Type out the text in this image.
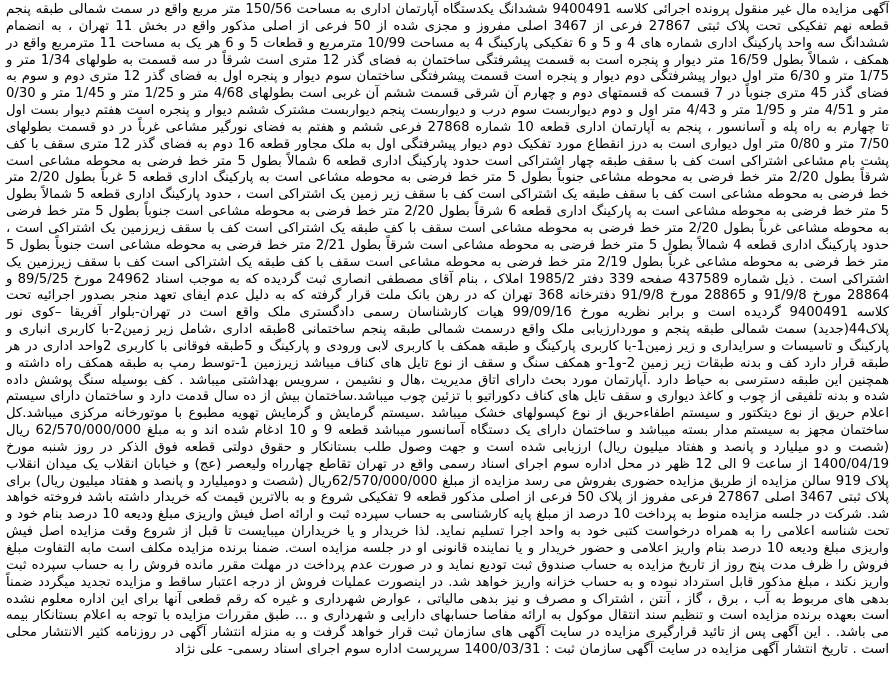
آگهی مزایده مال غیر منقول پرونده اجرائی کلاسه 9400491 ششدانگ یکدستگاه آپارتمان اداری به مساحت 150/56 متر مربع واقع در سمت شمالی طبقه پنجم قطعه نهم تفکیکی تحت پلاک ثبتی 27867 فرعی از 3467 اصلی مفروز و مجزی شده از 50 فرعی از اصلی مذکور واقع در بخش 11 تهران ، به انضمام ششدانگ سه واحد پارکینگ اداری شماره های 4 و 5 و 6 تفکیکی پارکینگ 4 به مساحت 10/99 مترمربع و قطعات 5 و 6 هر یک به مساحت 11 مترمربع واقع در همکف ، شمالاً بطول 16/59 متر دیوار و پنجره است به قسمت پیشرفتگی ساختمان به فضای گذر 12 متری است شرقاً در سه قسمت به طولهای 1/34 متر و 1/75 متر و 6/30 متر اول دیوار پیشرفتگی دوم دیوار و پنجره است قسمت پیشرفتگی ساختمان سوم دیوار و پنجره اول به فضای گذر 12 متری دوم و سوم به فضای گذر 45 متری جنوباً در 7 قسمت که قسمتهای دوم و چهارم آن شرقی قسمت ششم آن غربی است بطولهای 4/68 متر و 1/25 متر و 1/45 متر و 0/30 متر و 4/51 متر و 1/95 متر و 4/43 متر اول و دوم دیواربست سوم درب و دیواربست پنجم دیواربست مشترک ششم دیوار و پنجره است هفتم دیوار بست اول تا چهارم به راه پله و آسانسور ، پنجم به آپارتمان اداری قطعه 10 شماره 27868 فرعی ششم و هفتم به فضای نورگیر مشاعی غرباً در دو قسمت بطولهای 7/50 متر و 0/80 متر اول دیواری است به درز انقطاع مورد تفکیک دوم دیوار پیشرفتگی اول به ملک مجاور قطعه 16 دوم به فضای گذر 12 متری سقف با کف پشت بام مشاعی اشتراکی است کف با سقف طبقه چهار اشتراکی است حدود پارکینگ اداری قطعه 6 شمالاً بطول 5 متر خط فرضی به محوطه مشاعی است شرقاً بطول 2/20 متر خط فرضی به محوطه مشاعی جنوباً بطول 5 متر خط فرضی به محوطه مشاعی است به پارکینگ اداری قطعه 5 غرباً بطول 2/20 متر خط فرضی به محوطه مشاعی است کف با سقف طبقه یک اشتراکی است کف با سقف زیر زمین یک اشتراکی است ، حدود پارکینگ اداری قطعه 5 شمالاً بطول 5 متر خط فرضی به محوطه مشاعی است به پارکینگ اداری قطعه 6 شرقاً بطول 2/20 متر خط فرضی به محوطه مشاعی است جنوباً بطول 5 متر خط فرضی به محوطه مشاعی غرباً بطول 2/20 متر خط فرضی به محوطه مشاعی است سقف با کف طبقه یک اشتراکی است کف با سقف زیرزمین یک اشتراکی است ، حدود پارکینگ اداری قطعه 4 شمالاً بطول 5 متر خط فرضی به محوطه مشاعی است شرقاً بطول 2/21 متر خط فرضی به محوطه مشاعی است جنوباً بطول 5 متر خط فرضی به محوطه مشاعی غرباً بطول 2/19 متر خط فرضی به محوطه مشاعی است سقف با کف طبقه یک اشتراکی است کف با سقف زیرزمین یک اشتراکی است . ذیل شماره 437589 صفحه 339 دفتر 1985/2 املاک ، بنام آقای مصطفی انصاری ثبت گردیده که به موجب اسناد 24962 مورخ 89/5/25 و 28864 مورخ 91/9/8 و 28865 مورخ 91/9/8 دفترخانه 368 تهران که در رهن بانک ملت قرار گرفته که به دلیل عدم ایفای تعهد منجر بصدور اجرائیه تحت کلاسه 9400491 گردیده است و برابر نظریه مورخ 99/09/16 هیات کارشناسان رسمی دادگستری ملک واقع است در تهران-بلوار آفریقا –کوی نور پلاک44(جدید) سمت شمالی طبقه پنجم و موردارزیابی ملک واقع درسمت شمالی طبقه پنجم ساختمانی 8طبقه اداری ،شامل زیر زمین2-با کاربری انباری و پارکینگ و تاسیسات و سرایداری و زیر زمین1-با کاربری پارکینگ و طبقه همکف با کاربری لابی ورودی و پارکینگ و 5طبقه فوقانی با کاربری 2واحد اداری در هر طبقه قرار دارد کف و بدنه طبقات زیر زمین 2-و1-و همکف سنگ و سقف از نوع تایل های کناف میباشد زیرزمین 1-توسط رمپ به طبقه همکف راه داشته و همچنین این طبقه دسترسی به حیاط دارد .آپارتمان مورد بحث دارای اتاق مدیریت ،هال و نشیمن ، سرویس بهداشتی میباشد . کف بوسیله سنگ پوشش داده شده و بدنه تلفیقی از چوب و کاغذ دیواری و سقف تایل های کناف دکوراتیو با تزئین چوب میباشد.ساختمان بیش از ده سال قدمت دارد و ساختمان دارای سیستم اعلام حریق از نوع دیتکتور و سیستم اطفاءحریق از نوع کپسولهای خشک میباشد .سیستم گرمایش و گرمایش تهویه مطبوع با موتورخانه مرکزی میباشد.کل ساختمان مجهز به سیستم مدار بسته میباشد و ساختمان دارای یک دستگاه آسانسور میباشد قطعه 9 و 10 ادغام شده اند و به مبلغ 62/570/000/000 ریال (شصت و دو میلیارد و پانصد و هفتاد میلیون ریال) ارزیابی شده است و جهت وصول طلب بستانکار و حقوق دولتی قطعه فوق الذکر در روز شنبه مورخ 1400/04/19 از ساعت 9 الی 12 ظهر در محل اداره سوم اجرای اسناد رسمی واقع در تهران تقاطع چهارراه ولیعصر (عج) و خیابان انقلاب یک میدان انقلاب پلاک 919 سالن مزایده از طریق مزایده حضوری بفروش می رسد مزایده از مبلغ 62/570/000/000ریال (شصت و دومیلیارد و پانصد و هفتاد میلیون ریال) برای پلاک ثبتی 3467 اصلی 27867 فرعی مفروز از پلاک 50 فرعی از اصلی مذکور قطعه 9 تفکیکی شروع و به بالاترین قیمت که خریدار داشته باشد فروخته خواهد شد. شرکت در جلسه مزایده منوط به پرداخت 10 درصد از مبلغ پایه کارشناسی به حساب سپرده ثبت و ارائه اصل فیش واریزی مبلغ ودیعه 10 درصد بنام خود و تحت شناسه اعلامی را به همراه درخواست کتبی خود به واحد اجرا تسلیم نماید. لذا خریدار و یا خریداران میبایست تا قبل از شروع وقت مزایده اصل فیش واریزی مبلغ ودیعه 10 درصد بنام واریز اعلامی و حضور خریدار و یا نماینده قانونی او در جلسه مزایده است. ضمنا برنده مزایده مکلف است مابه التفاوت مبلغ فروش را ظرف مدت پنج روز از تاریخ مزایده به حساب صندوق ثبت تودیع نماید و در صورت عدم پرداخت در مهلت مقرر مانده فروش را به حساب سپرده ثبت واریز نکند ، مبلغ مذکور قابل استرداد نبوده و به حساب خزانه واریز خواهد شد. در اینصورت عملیات فروش از درجه اعتبار ساقط و مزایده تجدید میگردد ضمناً بدهی های مربوط به آب ، برق ، گاز ، آنتن ، اشتراک و مصرف و نیز بدهی مالیاتی ، عوارض شهرداری و غیره که رقم قطعی آنها برای این اداره معلوم نشده است بعهده برنده مزایده است و تنظیم سند انتقال موکول به ارائه مفاصا حسابهای دارایی و شهرداری و ... طبق مقررات مزایده با توجه به اعلام بستانکار بیمه می باشد. . این آگهی پس از تائید قرارگیری مزایده در سایت آگهی های سازمان ثبت قرار خواهد گرفت و به منزله انتشار آگهی در روزنامه کثیر الانتشار محلی است . تاریخ انتشار آگهی مزایده در سایت آگهی سازمان ثبت : 1400/03/31 سرپرست اداره سوم اجرای اسناد رسمی- علی نژاد
